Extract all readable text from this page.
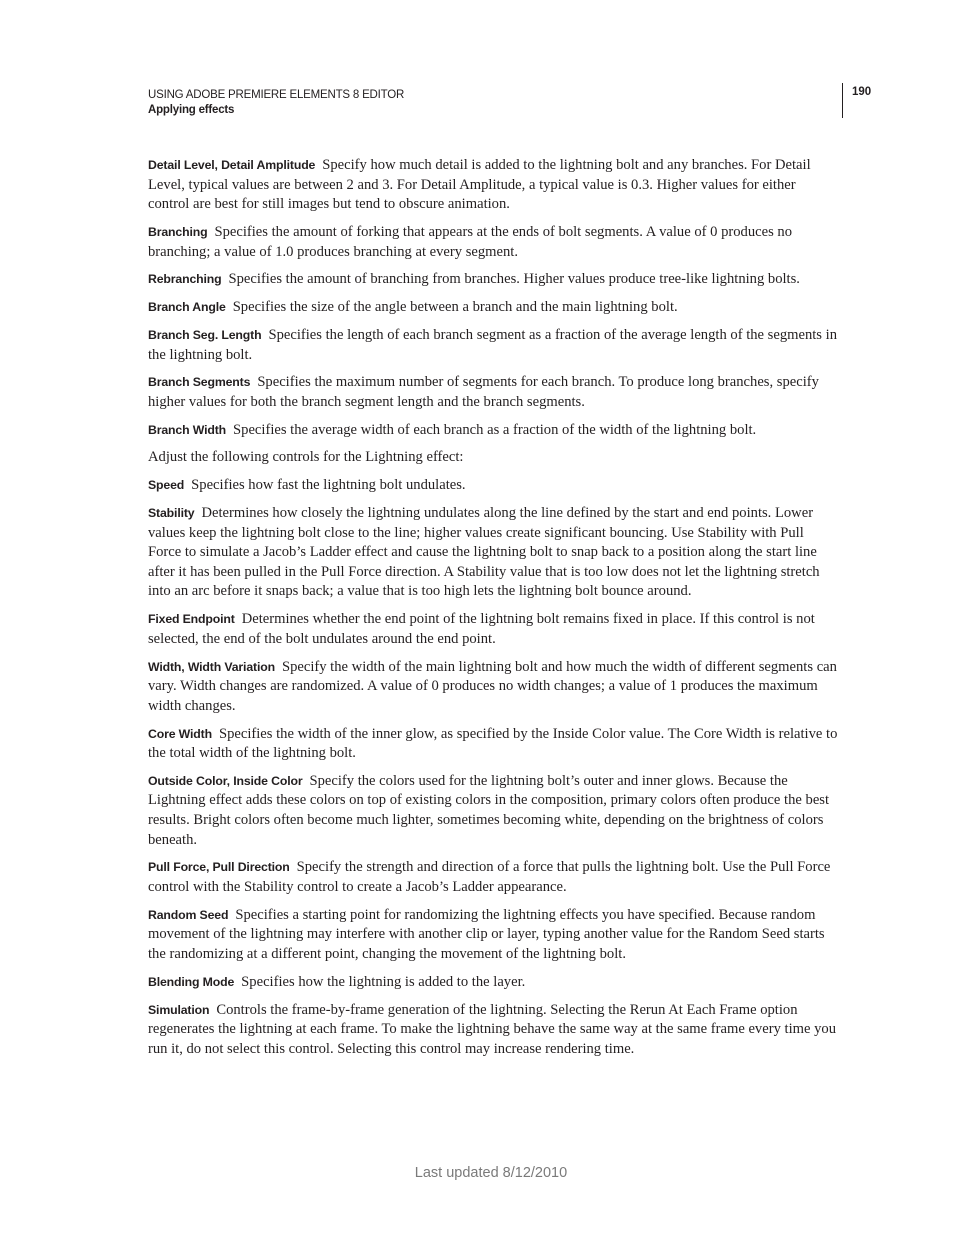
USING ADOBE PREMIERE ELEMENTS 8 EDITOR
Applying effects
190

Detail Level, Detail Amplitude Specify how much detail is added to the lightning bolt and any branches. For Detail Level, typical values are between 2 and 3. For Detail Amplitude, a typical value is 0.3. Higher values for either control are best for still images but tend to obscure animation.

Branching Specifies the amount of forking that appears at the ends of bolt segments. A value of 0 produces no branching; a value of 1.0 produces branching at every segment.

Rebranching Specifies the amount of branching from branches. Higher values produce tree-like lightning bolts.

Branch Angle Specifies the size of the angle between a branch and the main lightning bolt.

Branch Seg. Length Specifies the length of each branch segment as a fraction of the average length of the segments in the lightning bolt.

Branch Segments Specifies the maximum number of segments for each branch. To produce long branches, specify higher values for both the branch segment length and the branch segments.

Branch Width Specifies the average width of each branch as a fraction of the width of the lightning bolt.

Adjust the following controls for the Lightning effect:

Speed Specifies how fast the lightning bolt undulates.

Stability Determines how closely the lightning undulates along the line defined by the start and end points. Lower values keep the lightning bolt close to the line; higher values create significant bouncing. Use Stability with Pull Force to simulate a Jacob’s Ladder effect and cause the lightning bolt to snap back to a position along the start line after it has been pulled in the Pull Force direction. A Stability value that is too low does not let the lightning stretch into an arc before it snaps back; a value that is too high lets the lightning bolt bounce around.

Fixed Endpoint Determines whether the end point of the lightning bolt remains fixed in place. If this control is not selected, the end of the bolt undulates around the end point.

Width, Width Variation Specify the width of the main lightning bolt and how much the width of different segments can vary. Width changes are randomized. A value of 0 produces no width changes; a value of 1 produces the maximum width changes.

Core Width Specifies the width of the inner glow, as specified by the Inside Color value. The Core Width is relative to the total width of the lightning bolt.

Outside Color, Inside Color Specify the colors used for the lightning bolt’s outer and inner glows. Because the Lightning effect adds these colors on top of existing colors in the composition, primary colors often produce the best results. Bright colors often become much lighter, sometimes becoming white, depending on the brightness of colors beneath.

Pull Force, Pull Direction Specify the strength and direction of a force that pulls the lightning bolt. Use the Pull Force control with the Stability control to create a Jacob’s Ladder appearance.

Random Seed Specifies a starting point for randomizing the lightning effects you have specified. Because random movement of the lightning may interfere with another clip or layer, typing another value for the Random Seed starts the randomizing at a different point, changing the movement of the lightning bolt.

Blending Mode Specifies how the lightning is added to the layer.

Simulation Controls the frame-by-frame generation of the lightning. Selecting the Rerun At Each Frame option regenerates the lightning at each frame. To make the lightning behave the same way at the same frame every time you run it, do not select this control. Selecting this control may increase rendering time.

Last updated 8/12/2010
